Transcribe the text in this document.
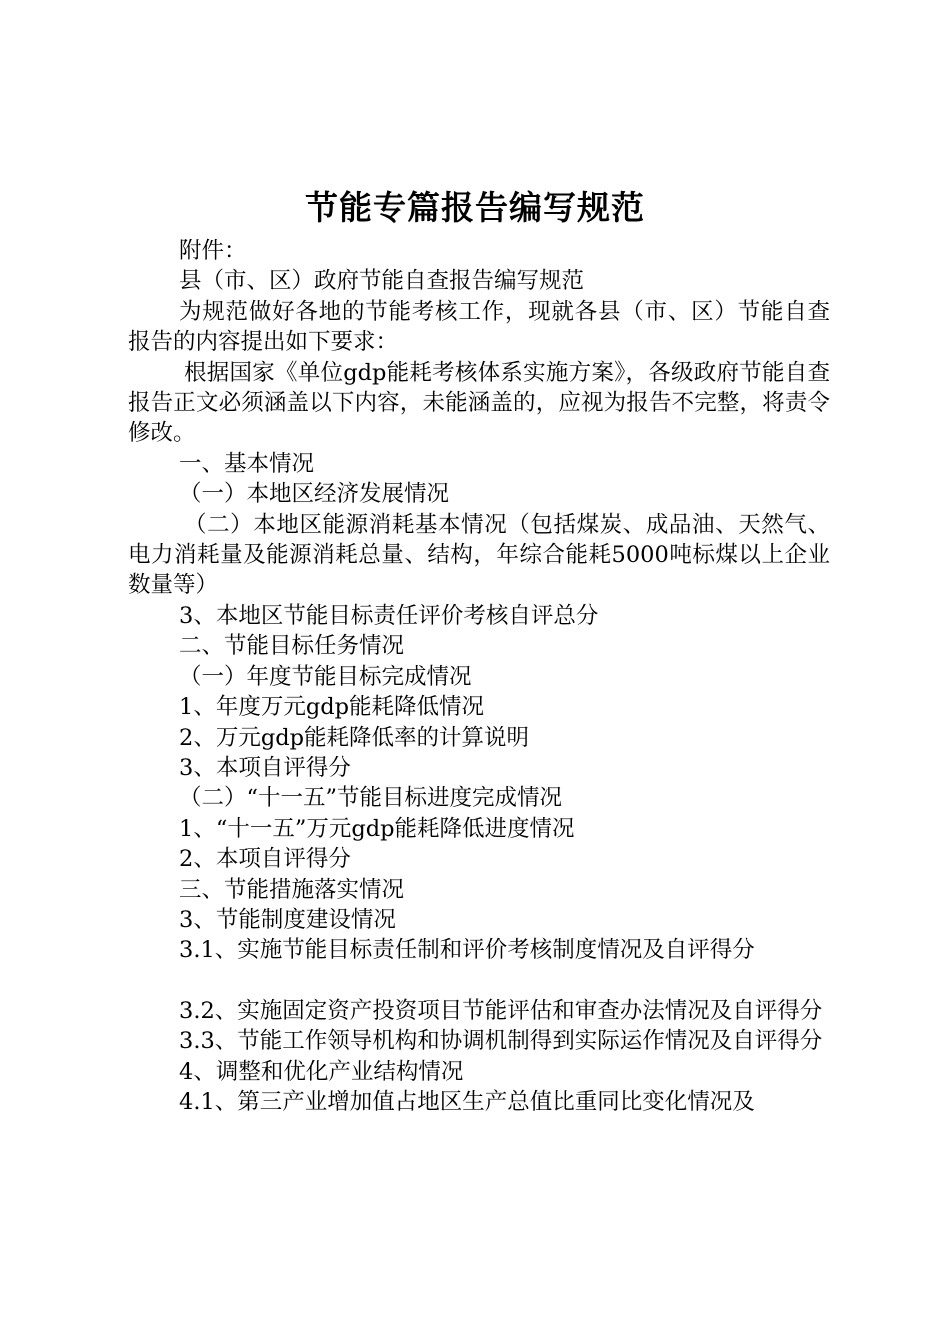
节能专篇报告编写规范

附件：

县（市、区）政府节能自查报告编写规范

为规范做好各地的节能考核工作，现就各县（市、区）节能自查报告的内容提出如下要求：

根据国家《单位gdp能耗考核体系实施方案》，各级政府节能自查报告正文必须涵盖以下内容，未能涵盖的，应视为报告不完整，将责令修改。

一、基本情况

（一）本地区经济发展情况

（二）本地区能源消耗基本情况（包括煤炭、成品油、天然气、电力消耗量及能源消耗总量、结构，年综合能耗5000吨标煤以上企业数量等）

3、本地区节能目标责任评价考核自评总分

二、节能目标任务情况

（一）年度节能目标完成情况

1、年度万元gdp能耗降低情况

2、万元gdp能耗降低率的计算说明

3、本项自评得分

（二）“十一五”节能目标进度完成情况

1、“十一五”万元gdp能耗降低进度情况

2、本项自评得分

三、节能措施落实情况

3、节能制度建设情况

3.1、实施节能目标责任制和评价考核制度情况及自评得分

3.2、实施固定资产投资项目节能评估和审查办法情况及自评得分

3.3、节能工作领导机构和协调机制得到实际运作情况及自评得分

4、调整和优化产业结构情况

4.1、第三产业增加值占地区生产总值比重同比变化情况及
